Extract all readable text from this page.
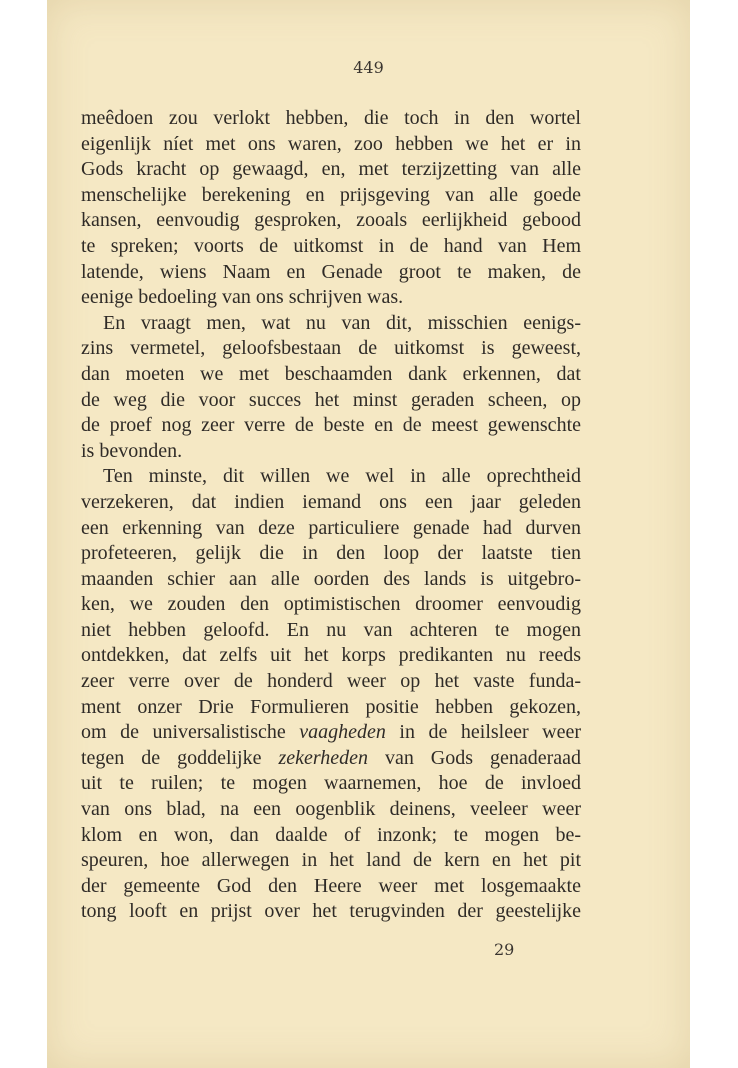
449
meêdoen zou verlokt hebben, die toch in den wortel
eigenlijk níet met ons waren, zoo hebben we het er in
Gods kracht op gewaagd, en, met terzijzetting van alle
menschelijke berekening en prijsgeving van alle goede
kansen, eenvoudig gesproken, zooals eerlijkheid gebood
te spreken; voorts de uitkomst in de hand van Hem
latende, wiens Naam en Genade groot te maken, de
eenige bedoeling van ons schrijven was.
En vraagt men, wat nu van dit, misschien eenigs-
zins vermetel, geloofsbestaan de uitkomst is geweest,
dan moeten we met beschaamden dank erkennen, dat
de weg die voor succes het minst geraden scheen, op
de proef nog zeer verre de beste en de meest gewenschte
is bevonden.
Ten minste, dit willen we wel in alle oprechtheid
verzekeren, dat indien iemand ons een jaar geleden
een erkenning van deze particuliere genade had durven
profeteeren, gelijk die in den loop der laatste tien
maanden schier aan alle oorden des lands is uitgebro-
ken, we zouden den optimistischen droomer eenvoudig
niet hebben geloofd. En nu van achteren te mogen
ontdekken, dat zelfs uit het korps predikanten nu reeds
zeer verre over de honderd weer op het vaste funda-
ment onzer Drie Formulieren positie hebben gekozen,
om de universalistische vaagheden in de heilsleer weer
tegen de goddelijke zekerheden van Gods genaderaad
uit te ruilen; te mogen waarnemen, hoe de invloed
van ons blad, na een oogenblik deinens, veeleer weer
klom en won, dan daalde of inzonk; te mogen be-
speuren, hoe allerwegen in het land de kern en het pit
der gemeente God den Heere weer met losgemaakte
tong looft en prijst over het terugvinden der geestelijke
29
